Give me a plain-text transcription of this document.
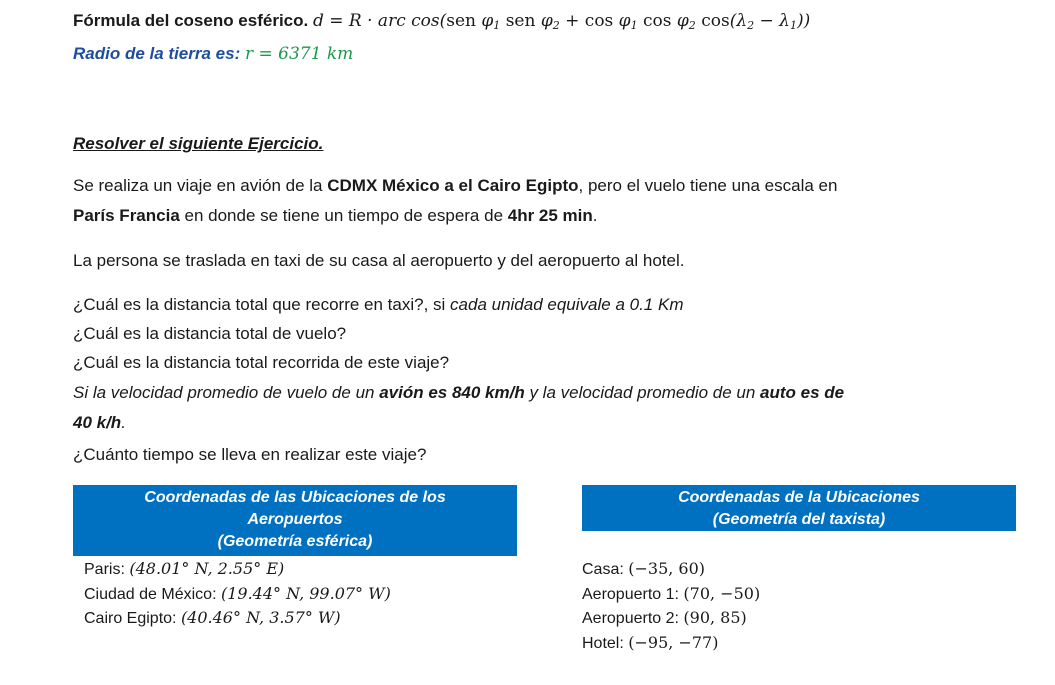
Fórmula del coseno esférico. d = R · arc cos(sen $\varphi_1$ sen $\varphi_2 + \cos \varphi_1$ $\cos \varphi_2$ $\cos(\lambda_2 - \lambda_1)$)
Radio de la tierra es: r = 6371 km
Resolver el siguiente Ejercicio.
Se realiza un viaje en avión de la CDMX México a el Cairo Egipto, pero el vuelo tiene una escala en
París Francia en donde se tiene un tiempo de espera de 4hr 25 min.
La persona se traslada en taxi de su casa al aeropuerto y del aeropuerto al hotel.
¿Cuál es la distancia total que recorre en taxi?, si cada unidad equivale a 0.1 Km
¿Cuál es la distancia total de vuelo?
¿Cuál es la distancia total recorrida de este viaje?
Si la velocidad promedio de vuelo de un avión es 840 km/h y la velocidad promedio de un auto es de
40 k/h.
¿Cuánto tiempo se lleva en realizar este viaje?
Coordenadas de las Ubicaciones de los
Aeropuertos
(Geometría esférica)
Coordenadas de la Ubicaciones
(Geometría del taxista)
Paris: (48.01° N, 2.55° E)
Ciudad de México: (19.44° N, 99.07° W)
Cairo Egipto: (40.46° N, 3.57° W)
Casa: (−35, 60)
Aeropuerto 1: (70, −50)
Aeropuerto 2: (90, 85)
Hotel: (−95, −77)
